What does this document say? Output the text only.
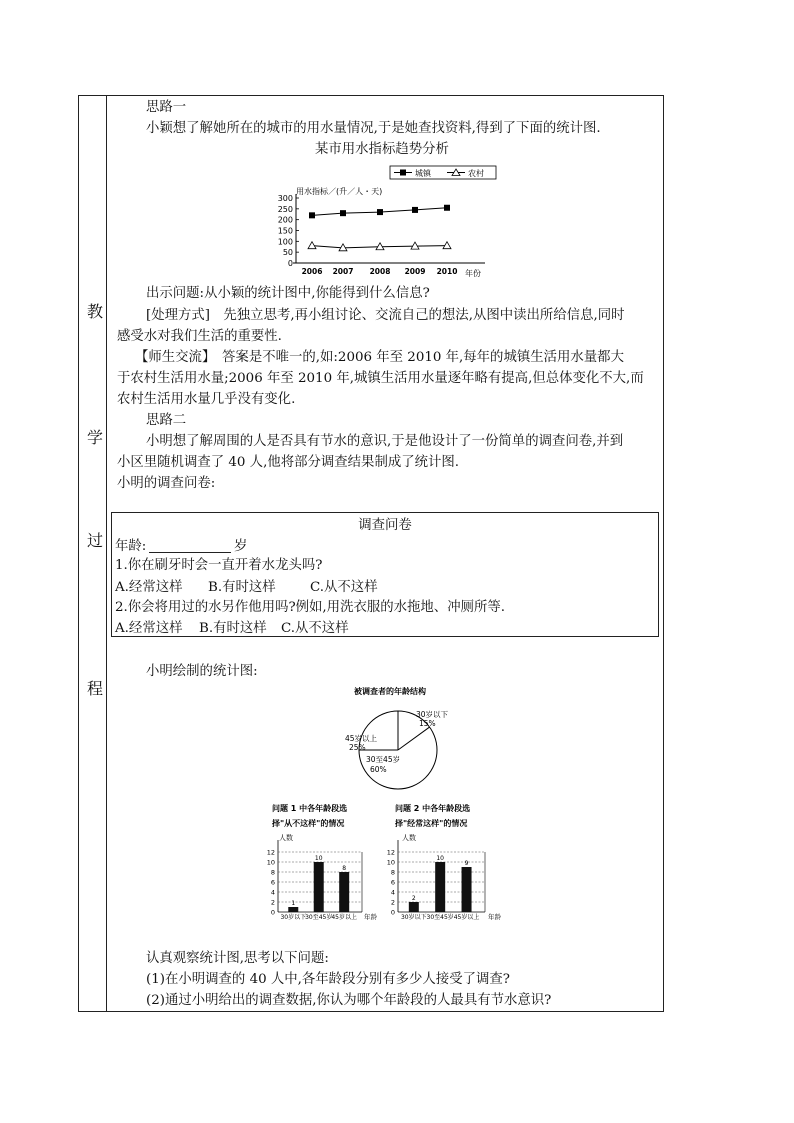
教
学
过
程
思路一
小颖想了解她所在的城市的用水量情况,于是她查找资料,得到了下面的统计图.
某市用水指标趋势分析
用水指标／(升／人・天)
城镇	农村
300
250
200
150
100
50
0
2006 2007 2008 2009 2010 年份
出示问题:从小颖的统计图中,你能得到什么信息?
[处理方式]　先独立思考,再小组讨论、交流自己的想法,从图中读出所给信息,同时
感受水对我们生活的重要性.
【师生交流】　答案是不唯一的,如:2006 年至 2010 年,每年的城镇生活用水量都大
于农村生活用水量;2006 年至 2010 年,城镇生活用水量逐年略有提高,但总体变化不大,而
农村生活用水量几乎没有变化.
思路二
小明想了解周围的人是否具有节水的意识,于是他设计了一份简单的调查问卷,并到
小区里随机调查了 40 人,他将部分调查结果制成了统计图.
小明的调查问卷:
调查问卷
年龄:	岁
1.你在刷牙时会一直开着水龙头吗?
A.经常这样 B.有时这样	C.从不这样
2.你会将用过的水另作他用吗?例如,用洗衣服的水拖地、冲厕所等.
A.经常这样 B.有时这样 C.从不这样
小明绘制的统计图:
被调查者的年龄结构
30岁以下
15%
30至45岁
60%
45岁以上
25%
问题 1 中各年龄段选
择"从不这样"的情况
人数
0
2
4
6
8
10
12
1
30岁以下
10
30至45岁
8
45岁以上 年龄
问题 2 中各年龄段选
择"经常这样"的情况
人数
0
2
4
6
8
10
12
2
30岁以下
10
30至45岁
9
45岁以上 年龄
认真观察统计图,思考以下问题:
(1)在小明调查的 40 人中,各年龄段分别有多少人接受了调查?
(2)通过小明给出的调查数据,你认为哪个年龄段的人最具有节水意识?
